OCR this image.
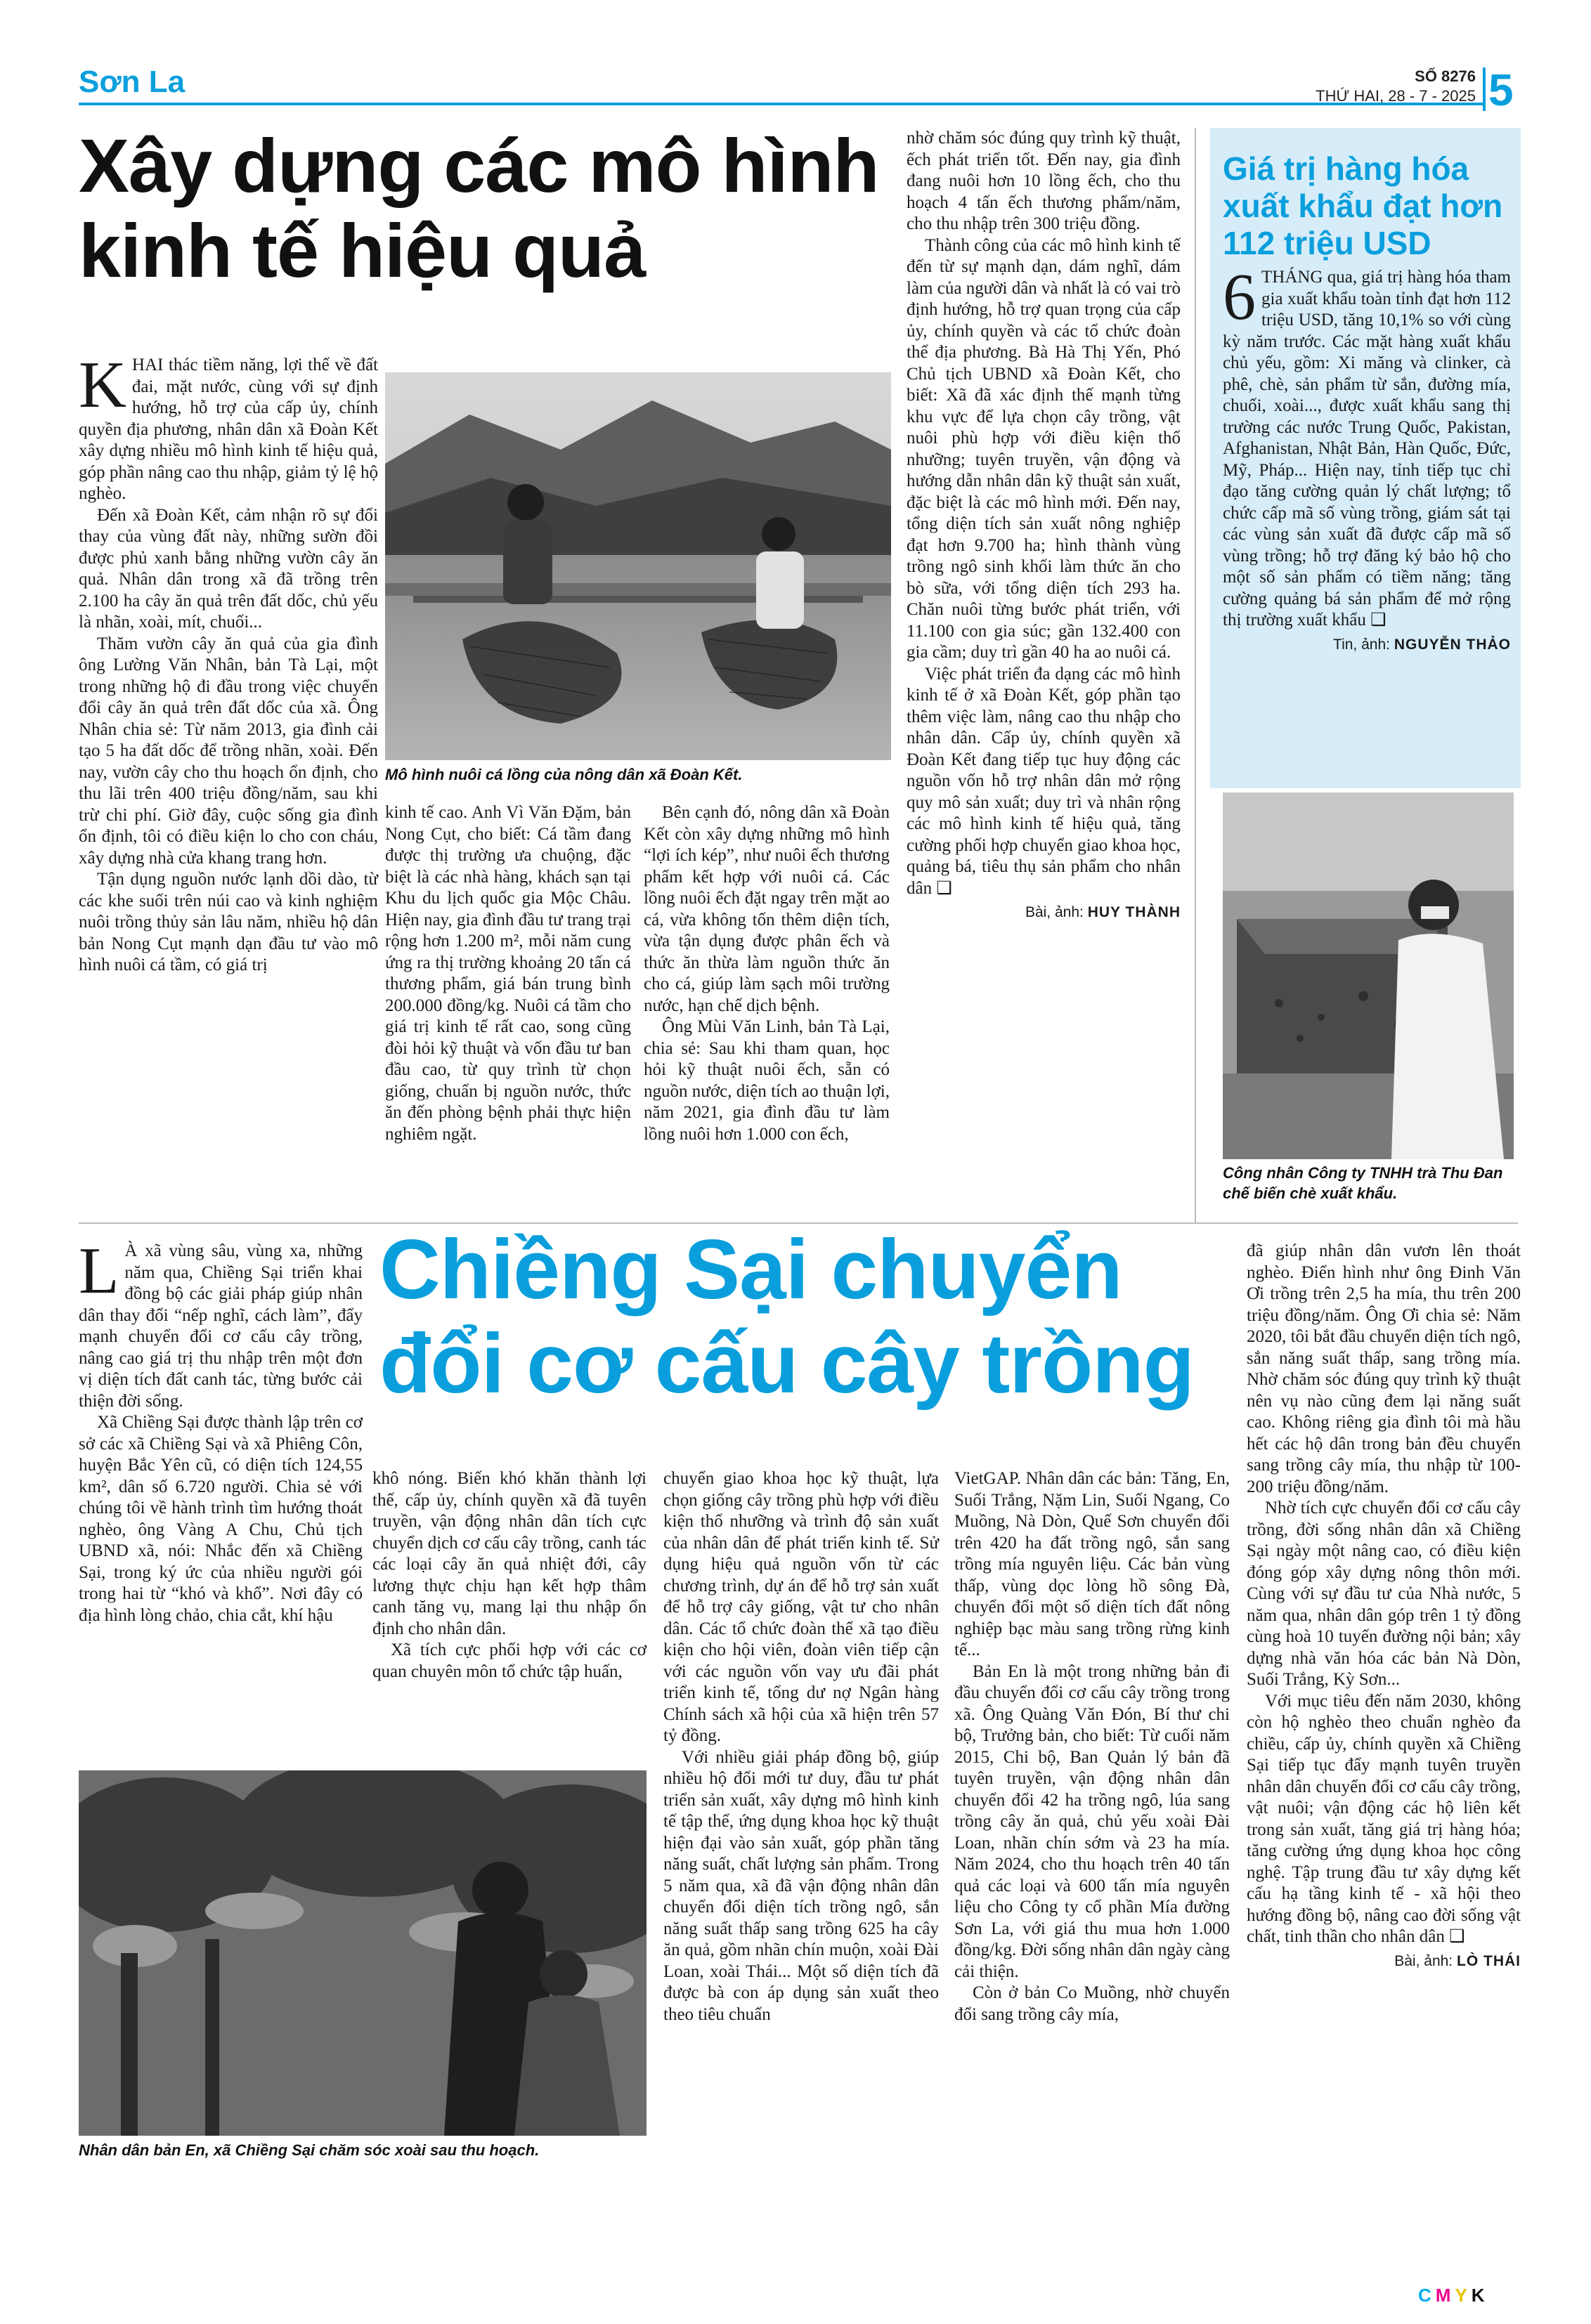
Sơn La	SỐ 8276
THỨ HAI, 28 - 7 - 2025 5
Xây dựng các mô hình kinh tế hiệu quả

KHAI thác tiềm năng, lợi thế về đất đai, mặt nước, cùng với sự định hướng, hỗ trợ của cấp ủy, chính quyền địa phương, nhân dân xã Đoàn Kết xây dựng nhiều mô hình kinh tế hiệu quả, góp phần nâng cao thu nhập, giảm tỷ lệ hộ nghèo.

Đến xã Đoàn Kết, cảm nhận rõ sự đổi thay của vùng đất này, những sườn đồi được phủ xanh bằng những vườn cây ăn quả. Nhân dân trong xã đã trồng trên 2.100 ha cây ăn quả trên đất dốc, chủ yếu là nhãn, xoài, mít, chuối...

Thăm vườn cây ăn quả của gia đình ông Lường Văn Nhân, bản Tà Lại, một trong những hộ đi đầu trong việc chuyển đổi cây ăn quả trên đất dốc của xã. Ông Nhân chia sẻ: Từ năm 2013, gia đình cải tạo 5 ha đất dốc để trồng nhãn, xoài. Đến nay, vườn cây cho thu hoạch ổn định, cho thu lãi trên 400 triệu đồng/năm, sau khi trừ chi phí. Giờ đây, cuộc sống gia đình ổn định, tôi có điều kiện lo cho con cháu, xây dựng nhà cửa khang trang hơn.

Tận dụng nguồn nước lạnh dồi dào, từ các khe suối trên núi cao và kinh nghiệm nuôi trồng thủy sản lâu năm, nhiều hộ dân bản Nong Cụt mạnh dạn đầu tư vào mô hình nuôi cá tầm, có giá trị

Mô hình nuôi cá lồng của nông dân xã Đoàn Kết.

kinh tế cao. Anh Vì Văn Đặm, bản Nong Cụt, cho biết: Cá tầm đang được thị trường ưa chuộng, đặc biệt là các nhà hàng, khách sạn tại Khu du lịch quốc gia Mộc Châu. Hiện nay, gia đình đầu tư trang trại rộng hơn 1.200 m², mỗi năm cung ứng ra thị trường khoảng 20 tấn cá thương phẩm, giá bán trung bình 200.000 đồng/kg. Nuôi cá tầm cho giá trị kinh tế rất cao, song cũng đòi hỏi kỹ thuật và vốn đầu tư ban đầu cao, từ quy trình từ chọn giống, chuẩn bị nguồn nước, thức ăn đến phòng bệnh phải thực hiện nghiêm ngặt.

Bên cạnh đó, nông dân xã Đoàn Kết còn xây dựng những mô hình “lợi ích kép”, như nuôi ếch thương phẩm kết hợp với nuôi cá. Các lồng nuôi ếch đặt ngay trên mặt ao cá, vừa không tốn thêm diện tích, vừa tận dụng được phân ếch và thức ăn thừa làm nguồn thức ăn cho cá, giúp làm sạch môi trường nước, hạn chế dịch bệnh.

Ông Mùi Văn Linh, bản Tà Lại, chia sẻ: Sau khi tham quan, học hỏi kỹ thuật nuôi ếch, sẵn có nguồn nước, diện tích ao thuận lợi, năm 2021, gia đình đầu tư làm lồng nuôi hơn 1.000 con ếch,

nhờ chăm sóc đúng quy trình kỹ thuật, ếch phát triển tốt. Đến nay, gia đình đang nuôi hơn 10 lồng ếch, cho thu hoạch 4 tấn ếch thương phẩm/năm, cho thu nhập trên 300 triệu đồng.

Thành công của các mô hình kinh tế đến từ sự mạnh dạn, dám nghĩ, dám làm của người dân và nhất là có vai trò định hướng, hỗ trợ quan trọng của cấp ủy, chính quyền và các tổ chức đoàn thể địa phương. Bà Hà Thị Yến, Phó Chủ tịch UBND xã Đoàn Kết, cho biết: Xã đã xác định thế mạnh từng khu vực để lựa chọn cây trồng, vật nuôi phù hợp với điều kiện thổ nhưỡng; tuyên truyền, vận động và hướng dẫn nhân dân kỹ thuật sản xuất, đặc biệt là các mô hình mới. Đến nay, tổng diện tích sản xuất nông nghiệp đạt hơn 9.700 ha; hình thành vùng trồng ngô sinh khối làm thức ăn cho bò sữa, với tổng diện tích 293 ha. Chăn nuôi từng bước phát triển, với 11.100 con gia súc; gần 132.400 con gia cầm; duy trì gần 40 ha ao nuôi cá.

Việc phát triển đa dạng các mô hình kinh tế ở xã Đoàn Kết, góp phần tạo thêm việc làm, nâng cao thu nhập cho nhân dân. Cấp ủy, chính quyền xã Đoàn Kết đang tiếp tục huy động các nguồn vốn hỗ trợ nhân dân mở rộng quy mô sản xuất; duy trì và nhân rộng các mô hình kinh tế hiệu quả, tăng cường phối hợp chuyển giao khoa học, quảng bá, tiêu thụ sản phẩm cho nhân dân ❑

Bài, ảnh: HUY THÀNH
Giá trị hàng hóa xuất khẩu đạt hơn 112 triệu USD

6 THÁNG qua, giá trị hàng hóa tham gia xuất khẩu toàn tỉnh đạt hơn 112 triệu USD, tăng 10,1% so với cùng kỳ năm trước. Các mặt hàng xuất khẩu chủ yếu, gồm: Xi măng và clinker, cà phê, chè, sản phẩm từ sắn, đường mía, chuối, xoài..., được xuất khẩu sang thị trường các nước Trung Quốc, Pakistan, Afghanistan, Nhật Bản, Hàn Quốc, Đức, Mỹ, Pháp... Hiện nay, tỉnh tiếp tục chỉ đạo tăng cường quản lý chất lượng; tổ chức cấp mã số vùng trồng, giám sát tại các vùng sản xuất đã được cấp mã số vùng trồng; hỗ trợ đăng ký bảo hộ cho một số sản phẩm có tiềm năng; tăng cường quảng bá sản phẩm để mở rộng thị trường xuất khẩu ❑

Tin, ảnh: NGUYỄN THẢO
Công nhân Công ty TNHH trà Thu Đan chế biến chè xuất khẩu.
Chiềng Sại chuyển đổi cơ cấu cây trồng

L À xã vùng sâu, vùng xa, những năm qua, Chiềng Sại triển khai đồng bộ các giải pháp giúp nhân dân thay đổi “nếp nghĩ, cách làm”, đẩy mạnh chuyển đổi cơ cấu cây trồng, nâng cao giá trị thu nhập trên một đơn vị diện tích đất canh tác, từng bước cải thiện đời sống.

Xã Chiềng Sại được thành lập trên cơ sở các xã Chiềng Sại và xã Phiêng Côn, huyện Bắc Yên cũ, có diện tích 124,55 km², dân số 6.720 người. Chia sẻ với chúng tôi về hành trình tìm hướng thoát nghèo, ông Vàng A Chu, Chủ tịch UBND xã, nói: Nhắc đến xã Chiềng Sại, trong ký ức của nhiều người gói trong hai từ “khó và khổ”. Nơi đây có địa hình lòng chảo, chia cắt, khí hậu

khô nóng. Biến khó khăn thành lợi thế, cấp ủy, chính quyền xã đã tuyên truyền, vận động nhân dân tích cực chuyển dịch cơ cấu cây trồng, canh tác các loại cây ăn quả nhiệt đới, cây lương thực chịu hạn kết hợp thâm canh tăng vụ, mang lại thu nhập ổn định cho nhân dân.

Xã tích cực phối hợp với các cơ quan chuyên môn tổ chức tập huấn,

Nhân dân bản En, xã Chiềng Sại chăm sóc xoài sau thu hoạch.

chuyển giao khoa học kỹ thuật, lựa chọn giống cây trồng phù hợp với điều kiện thổ nhưỡng và trình độ sản xuất của nhân dân để phát triển kinh tế. Sử dụng hiệu quả nguồn vốn từ các chương trình, dự án để hỗ trợ sản xuất để hỗ trợ cây giống, vật tư cho nhân dân. Các tổ chức đoàn thể xã tạo điều kiện cho hội viên, đoàn viên tiếp cận với các nguồn vốn vay ưu đãi phát triển kinh tế, tổng dư nợ Ngân hàng Chính sách xã hội của xã hiện trên 57 tỷ đồng.

Với nhiều giải pháp đồng bộ, giúp nhiều hộ đổi mới tư duy, đầu tư phát triển sản xuất, xây dựng mô hình kinh tế tập thể, ứng dụng khoa học kỹ thuật hiện đại vào sản xuất, góp phần tăng năng suất, chất lượng sản phẩm. Trong 5 năm qua, xã đã vận động nhân dân chuyển đổi diện tích trồng ngô, sắn năng suất thấp sang trồng 625 ha cây ăn quả, gồm nhãn chín muộn, xoài Đài Loan, xoài Thái... Một số diện tích đã được bà con áp dụng sản xuất theo theo tiêu chuẩn

VietGAP. Nhân dân các bản: Tăng, En, Suối Trắng, Nặm Lin, Suối Ngang, Co Muồng, Nà Dòn, Quế Sơn chuyển đổi trên 420 ha đất trồng ngô, sắn sang trồng mía nguyên liệu. Các bản vùng thấp, vùng dọc lòng hồ sông Đà, chuyển đổi một số diện tích đất nông nghiệp bạc màu sang trồng rừng kinh tế...

Bản En là một trong những bản đi đầu chuyển đổi cơ cấu cây trồng trong xã. Ông Quàng Văn Đón, Bí thư chi bộ, Trưởng bản, cho biết: Từ cuối năm 2015, Chi bộ, Ban Quản lý bản đã tuyên truyền, vận động nhân dân chuyển đổi 42 ha trồng ngô, lúa sang trồng cây ăn quả, chủ yếu xoài Đài Loan, nhãn chín sớm và 23 ha mía. Năm 2024, cho thu hoạch trên 40 tấn quả các loại và 600 tấn mía nguyên liệu cho Công ty cổ phần Mía đường Sơn La, với giá thu mua hơn 1.000 đồng/kg. Đời sống nhân dân ngày càng cải thiện.

Còn ở bản Co Muồng, nhờ chuyển đổi sang trồng cây mía,

đã giúp nhân dân vươn lên thoát nghèo. Điển hình như ông Đinh Văn Ơi trồng trên 2,5 ha mía, thu trên 200 triệu đồng/năm. Ông Ơi chia sẻ: Năm 2020, tôi bắt đầu chuyển diện tích ngô, sắn năng suất thấp, sang trồng mía. Nhờ chăm sóc đúng quy trình kỹ thuật nên vụ nào cũng đem lại năng suất cao. Không riêng gia đình tôi mà hầu hết các hộ dân trong bản đều chuyển sang trồng cây mía, thu nhập từ 100-200 triệu đồng/năm.

Nhờ tích cực chuyển đổi cơ cấu cây trồng, đời sống nhân dân xã Chiềng Sại ngày một nâng cao, có điều kiện đóng góp xây dựng nông thôn mới. Cùng với sự đầu tư của Nhà nước, 5 năm qua, nhân dân góp trên 1 tỷ đồng cùng hoà 10 tuyến đường nội bản; xây dựng nhà văn hóa các bản Nà Dòn, Suối Trắng, Kỳ Sơn...

Với mục tiêu đến năm 2030, không còn hộ nghèo theo chuẩn nghèo đa chiều, cấp ủy, chính quyền xã Chiềng Sại tiếp tục đẩy mạnh tuyên truyền nhân dân chuyển đổi cơ cấu cây trồng, vật nuôi; vận động các hộ liên kết trong sản xuất, tăng giá trị hàng hóa; tăng cường ứng dụng khoa học công nghệ. Tập trung đầu tư xây dựng kết cấu hạ tầng kinh tế - xã hội theo hướng đồng bộ, nâng cao đời sống vật chất, tinh thần cho nhân dân ❑

Bài, ảnh: LÒ THÁI
CMYK
